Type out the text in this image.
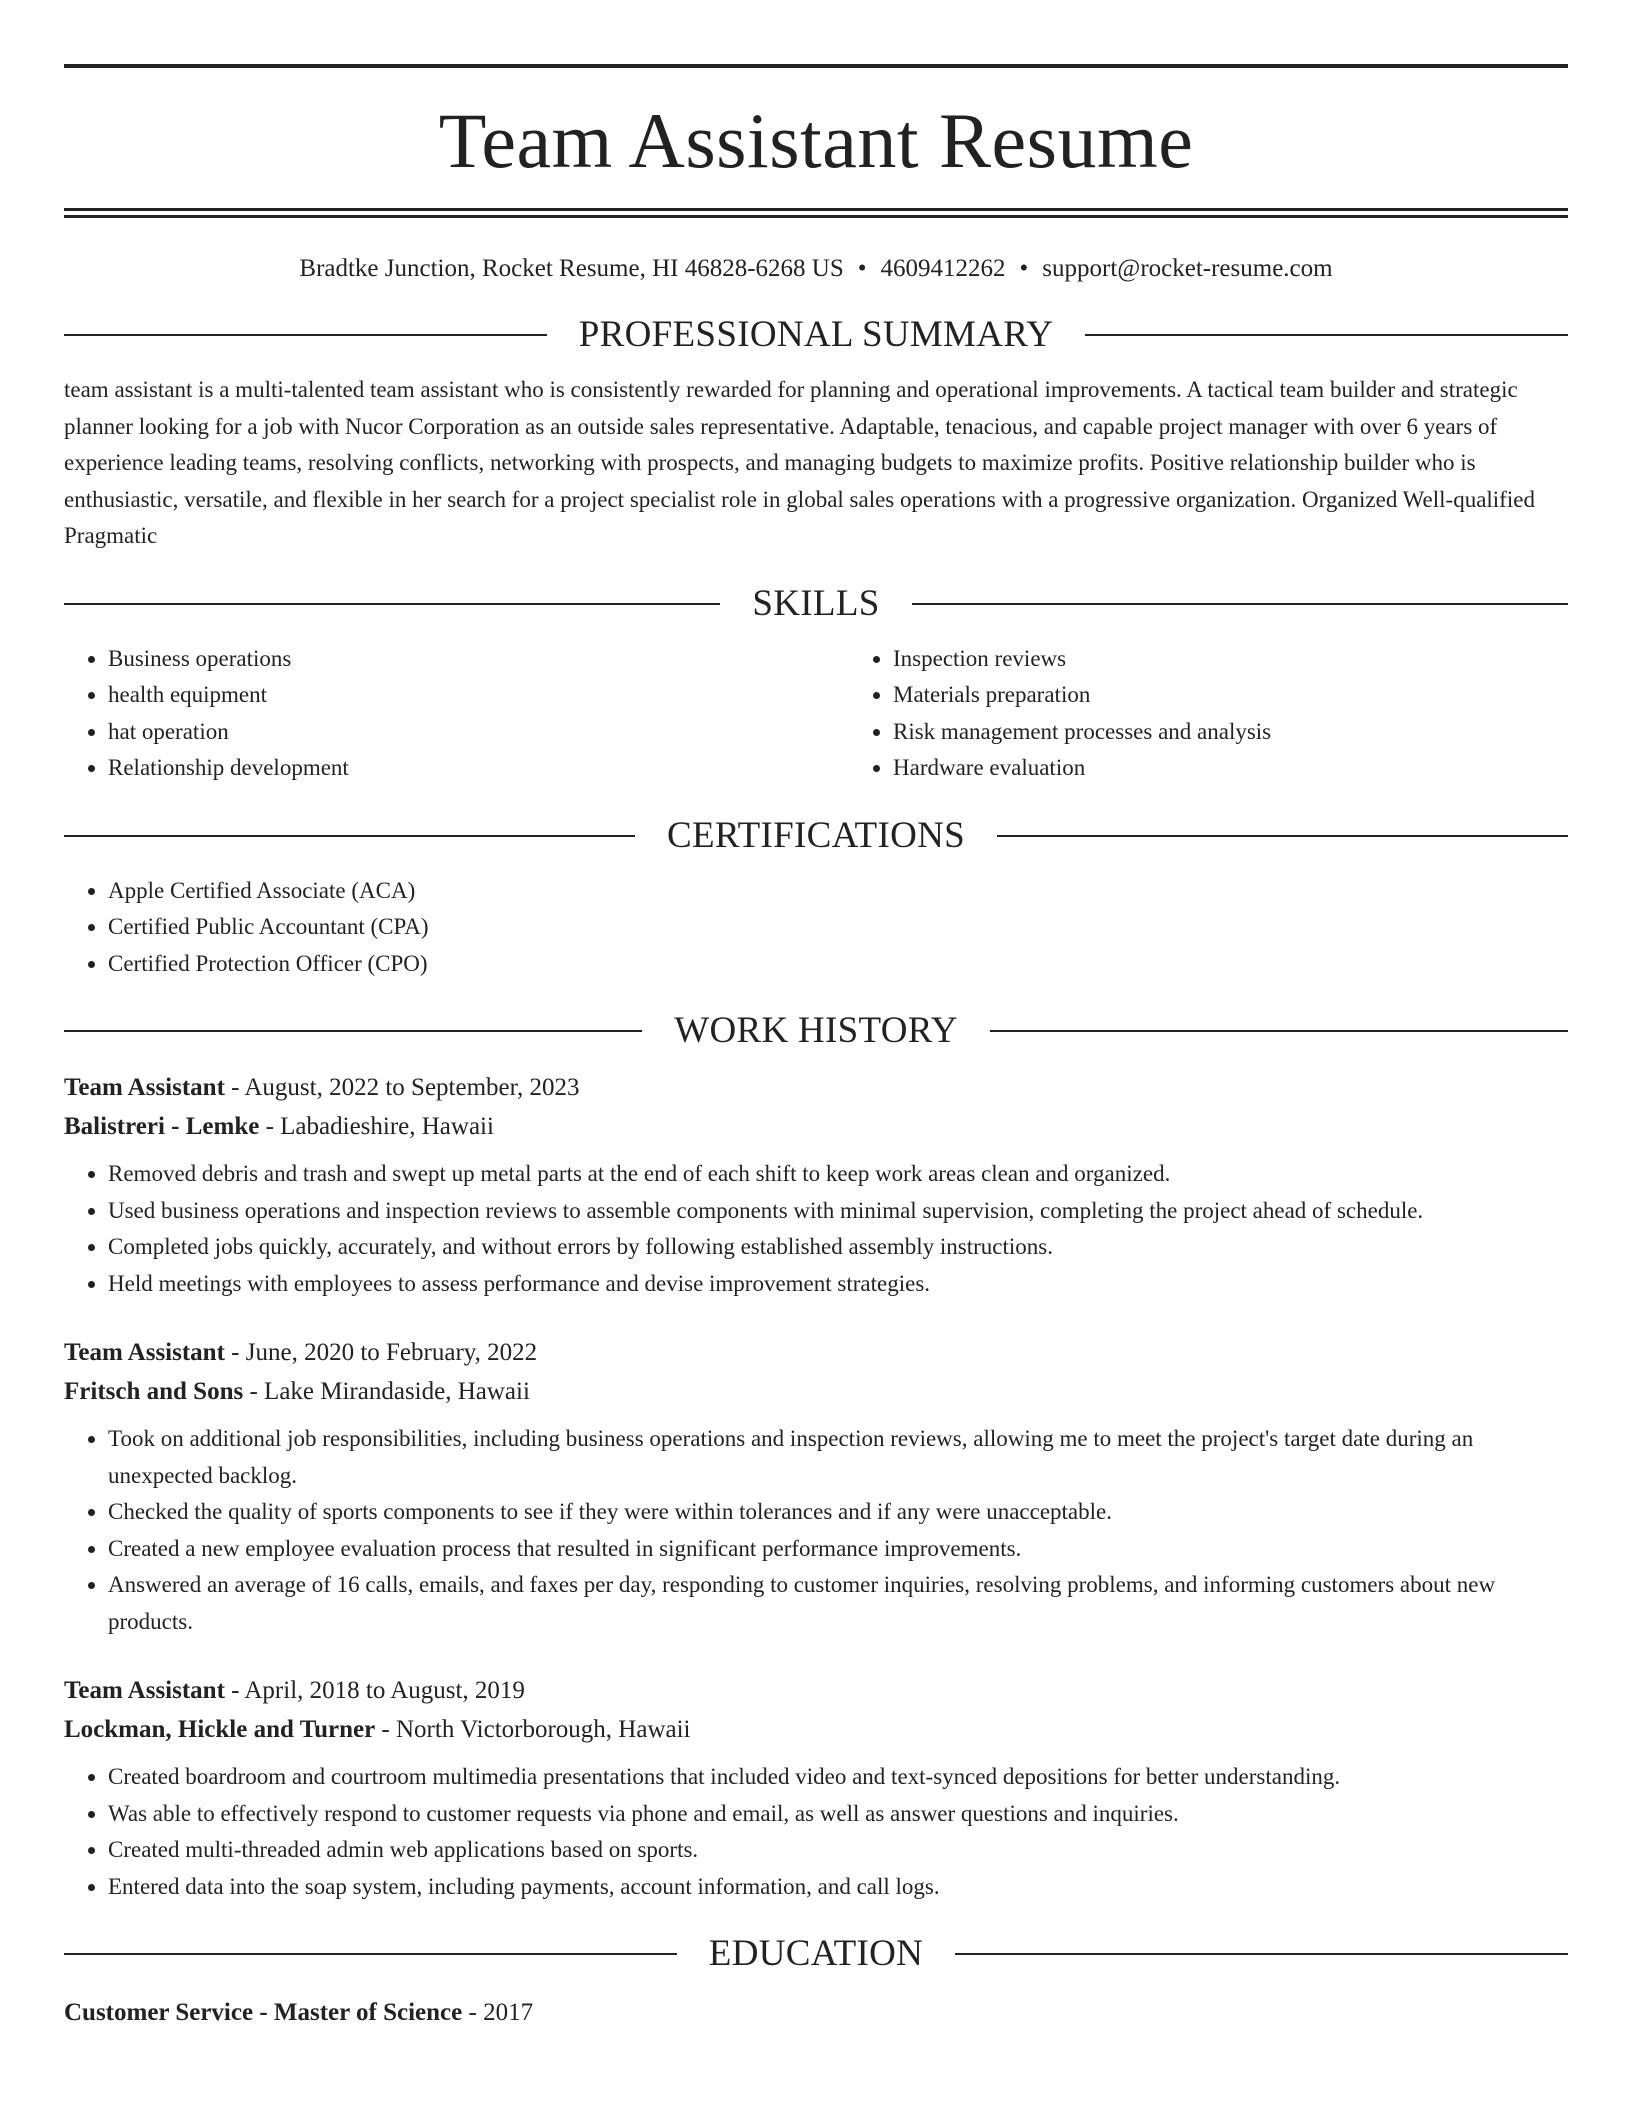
Team Assistant Resume
Bradtke Junction, Rocket Resume, HI 46828-6268 US • 4609412262 • support@rocket-resume.com
PROFESSIONAL SUMMARY

team assistant is a multi-talented team assistant who is consistently rewarded for planning and operational improvements. A tactical team builder and strategic planner looking for a job with Nucor Corporation as an outside sales representative. Adaptable, tenacious, and capable project manager with over 6 years of experience leading teams, resolving conflicts, networking with prospects, and managing budgets to maximize profits. Positive relationship builder who is enthusiastic, versatile, and flexible in her search for a project specialist role in global sales operations with a progressive organization. Organized Well-qualified Pragmatic

SKILLS
• Business operations
• health equipment
• hat operation
• Relationship development
• Inspection reviews
• Materials preparation
• Risk management processes and analysis
• Hardware evaluation
CERTIFICATIONS
• Apple Certified Associate (ACA)
• Certified Public Accountant (CPA)
• Certified Protection Officer (CPO)
WORK HISTORY
Team Assistant - August, 2022 to September, 2023
Balistreri - Lemke - Labadieshire, Hawaii
• Removed debris and trash and swept up metal parts at the end of each shift to keep work areas clean and organized.
• Used business operations and inspection reviews to assemble components with minimal supervision, completing the project ahead of schedule.
• Completed jobs quickly, accurately, and without errors by following established assembly instructions.
• Held meetings with employees to assess performance and devise improvement strategies.
Team Assistant - June, 2020 to February, 2022
Fritsch and Sons - Lake Mirandaside, Hawaii
• Took on additional job responsibilities, including business operations and inspection reviews, allowing me to meet the project's target date during an unexpected backlog.
• Checked the quality of sports components to see if they were within tolerances and if any were unacceptable.
• Created a new employee evaluation process that resulted in significant performance improvements.
• Answered an average of 16 calls, emails, and faxes per day, responding to customer inquiries, resolving problems, and informing customers about new products.
Team Assistant - April, 2018 to August, 2019
Lockman, Hickle and Turner - North Victorborough, Hawaii
• Created boardroom and courtroom multimedia presentations that included video and text-synced depositions for better understanding.
• Was able to effectively respond to customer requests via phone and email, as well as answer questions and inquiries.
• Created multi-threaded admin web applications based on sports.
• Entered data into the soap system, including payments, account information, and call logs.
EDUCATION
Customer Service - Master of Science - 2017
